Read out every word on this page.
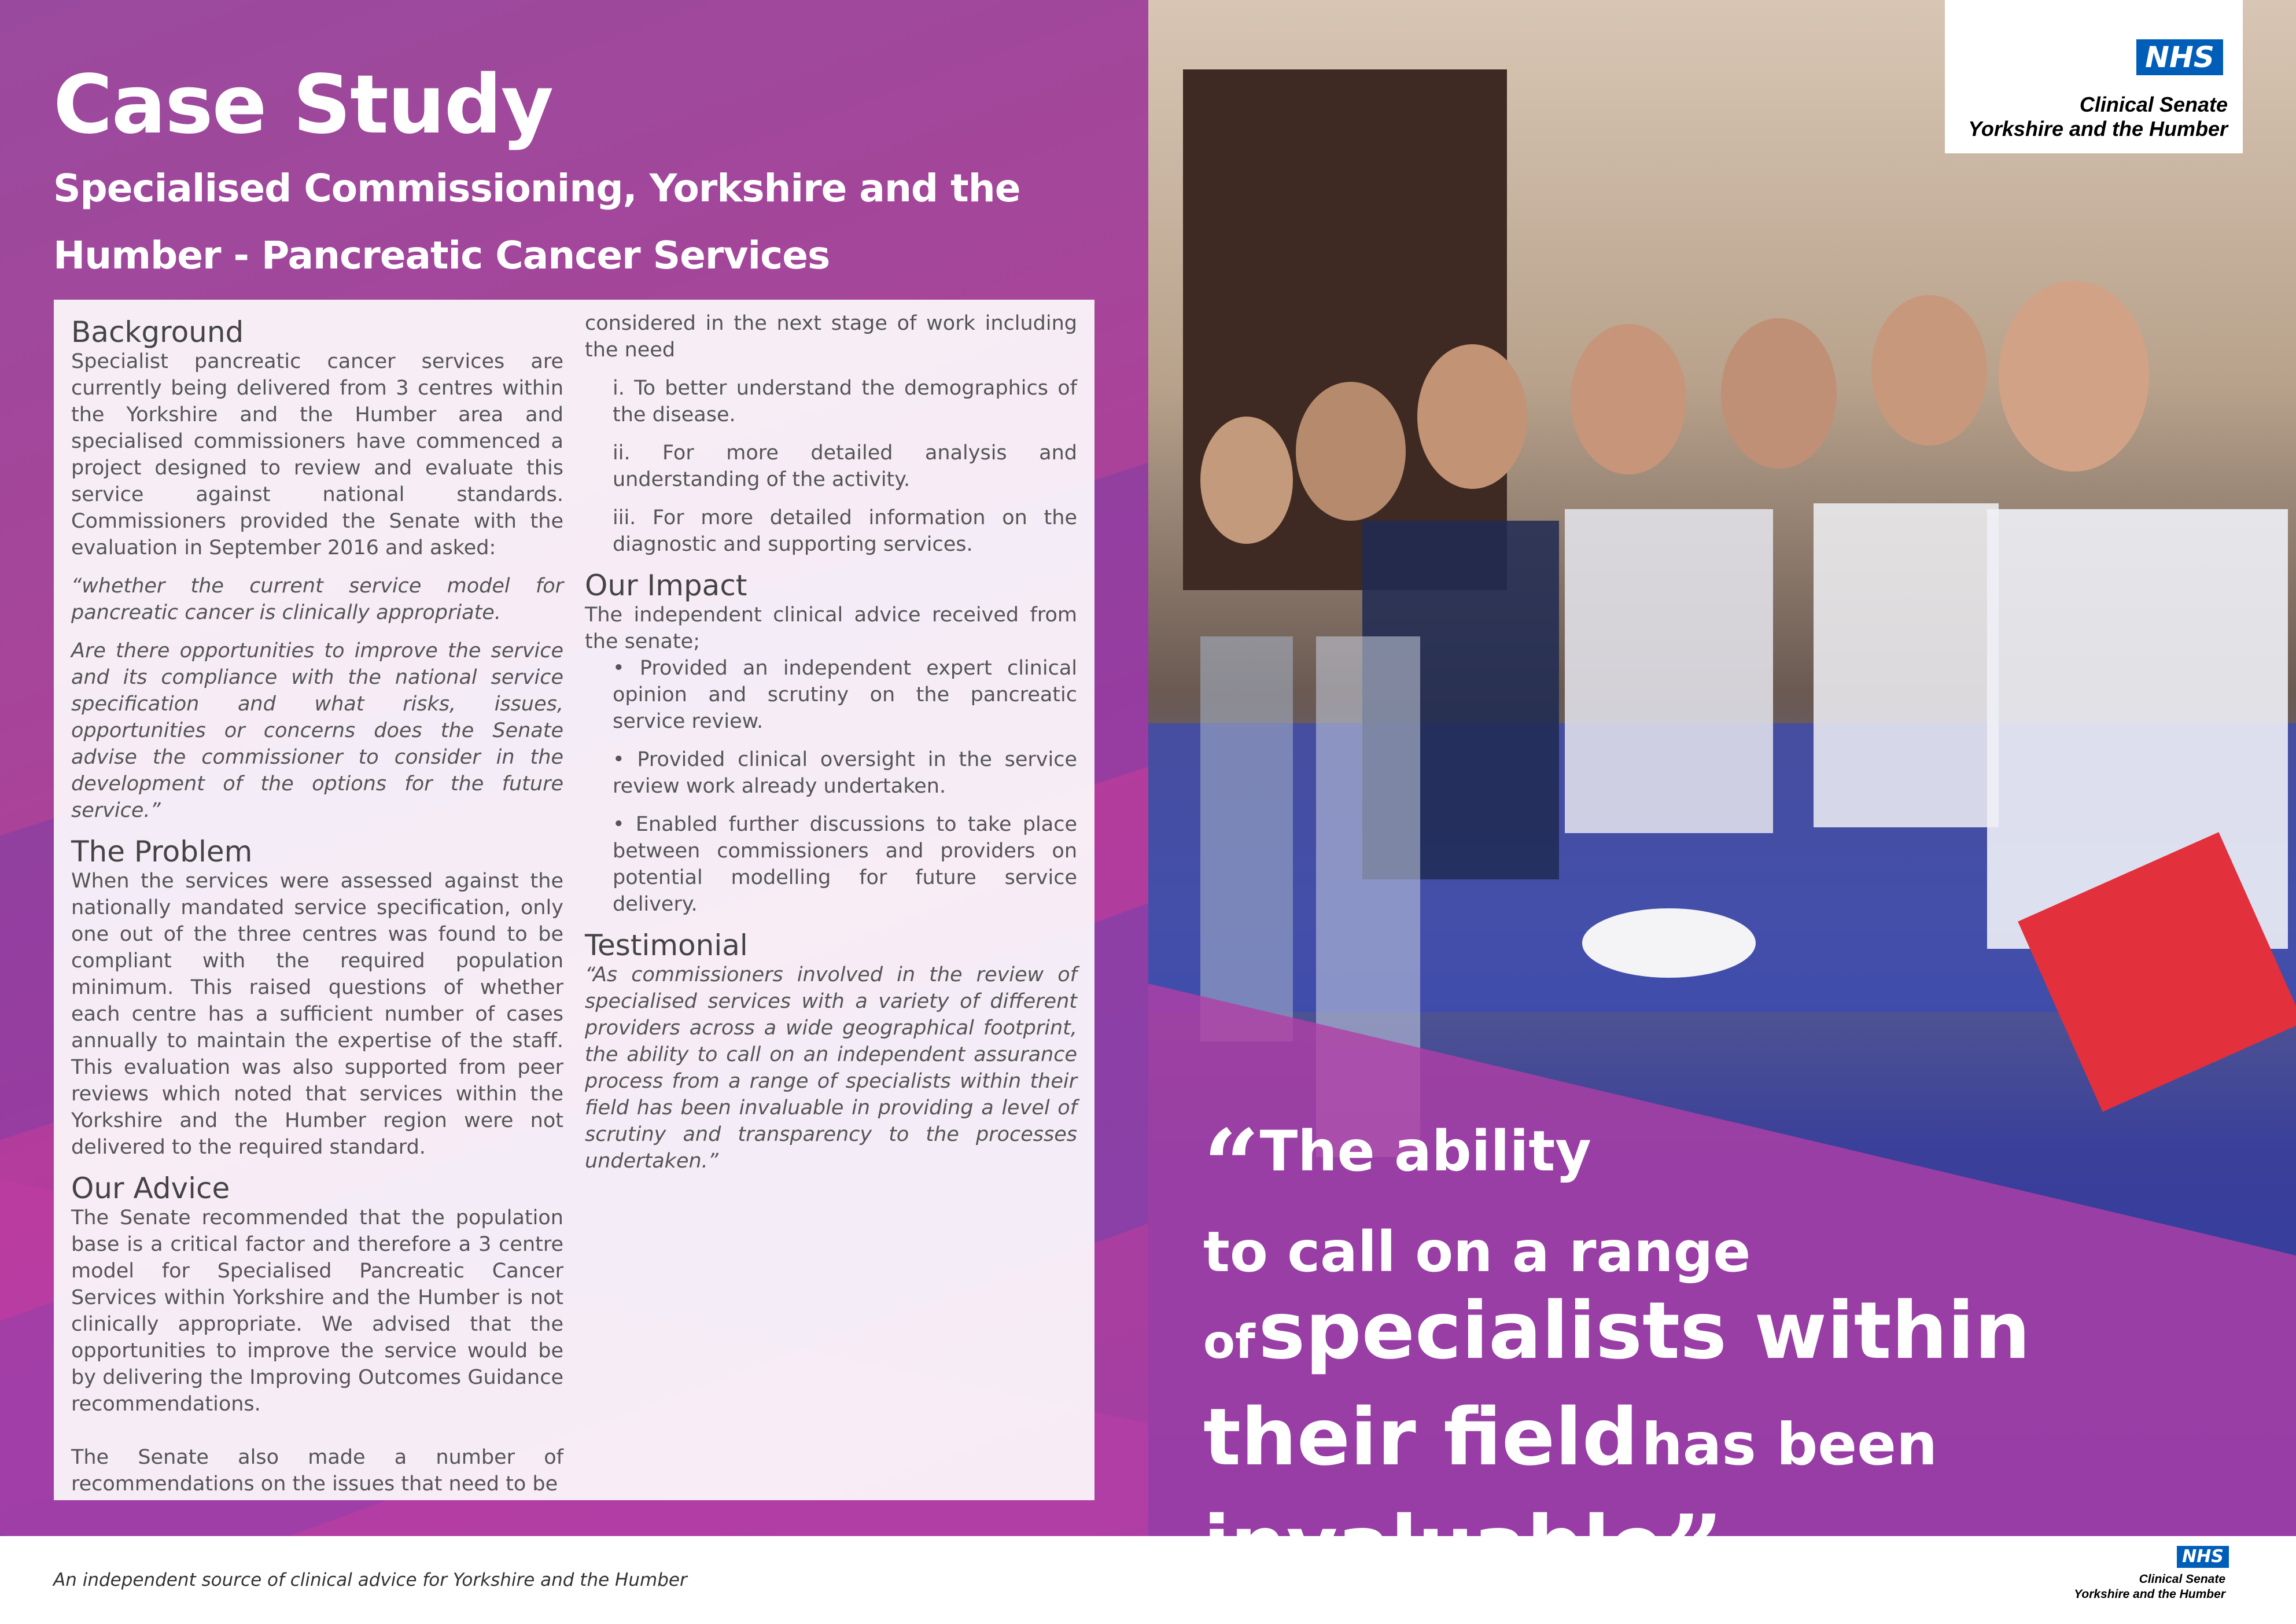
Case Study
Specialised Commissioning, Yorkshire and the
Humber - Pancreatic Cancer Services
Background

Specialist pancreatic cancer services are currently being delivered from 3 centres within the Yorkshire and the Humber area and specialised commissioners have commenced a project designed to review and evaluate this service against national standards. Commissioners provided the Senate with the evaluation in September 2016 and asked:

“whether the current service model for pancreatic cancer is clinically appropriate.

Are there opportunities to improve the service and its compliance with the national service specification and what risks, issues, opportunities or concerns does the Senate advise the commissioner to consider in the development of the options for the future service.”

The Problem

When the services were assessed against the nationally mandated service specification, only one out of the three centres was found to be compliant with the required population minimum. This raised questions of whether each centre has a sufficient number of cases annually to maintain the expertise of the staff. This evaluation was also supported from peer reviews which noted that services within the Yorkshire and the Humber region were not delivered to the required standard.

Our Advice

The Senate recommended that the population base is a critical factor and therefore a 3 centre model for Specialised Pancreatic Cancer Services within Yorkshire and the Humber is not clinically appropriate. We advised that the opportunities to improve the service would be by delivering the Improving Outcomes Guidance recommendations.

The Senate also made a number of recommendations on the issues that need to be

considered in the next stage of work including the need

i. To better understand the demographics of the disease.

ii. For more detailed analysis and understanding of the activity.

iii. For more detailed information on the diagnostic and supporting services.

Our Impact

The independent clinical advice received from the senate;

• Provided an independent expert clinical opinion and scrutiny on the pancreatic service review.

• Provided clinical oversight in the service review work already undertaken.

• Enabled further discussions to take place between commissioners and providers on potential modelling for future service delivery.

Testimonial

“As commissioners involved in the review of specialised services with a variety of different providers across a wide geographical footprint, the ability to call on an independent assurance process from a range of specialists within their field has been invaluable in providing a level of scrutiny and transparency to the processes undertaken.”	“The ability
to call on a range
of specialists within
their field has been
invaluable ”
NHS
Clinical Senate
Yorkshire and the Humber
An independent source of clinical advice for Yorkshire and the Humber
NHS
Clinical Senate
Yorkshire and the Humber
